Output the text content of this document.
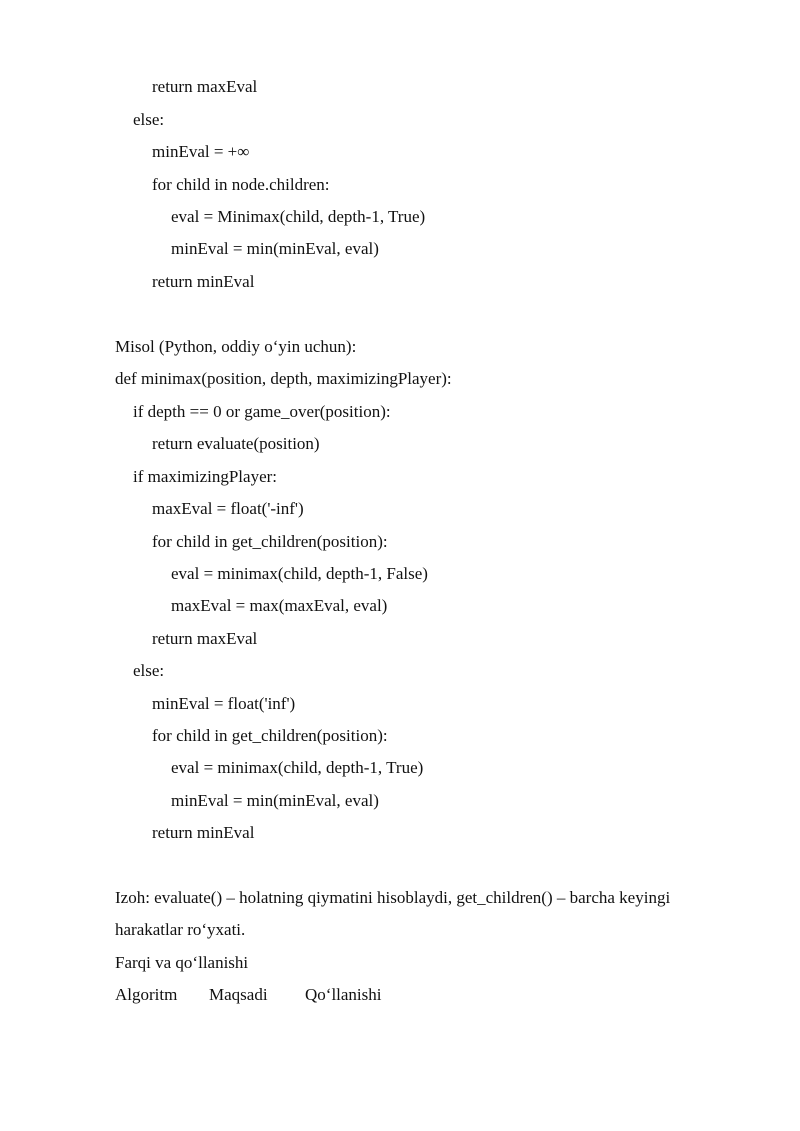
return maxEval
else:
minEval = +∞
for child in node.children:
eval = Minimax(child, depth-1, True)
minEval = min(minEval, eval)
return minEval
Misol (Python, oddiy o‘yin uchun):
def minimax(position, depth, maximizingPlayer):
if depth == 0 or game_over(position):
return evaluate(position)
if maximizingPlayer:
maxEval = float('-inf')
for child in get_children(position):
eval = minimax(child, depth-1, False)
maxEval = max(maxEval, eval)
return maxEval
else:
minEval = float('inf')
for child in get_children(position):
eval = minimax(child, depth-1, True)
minEval = min(minEval, eval)
return minEval
Izoh: evaluate() – holatning qiymatini hisoblaydi, get_children() – barcha keyingi
harakatlar ro‘yxati.
Farqi va qo‘llanishi
Algoritm Maqsadi Qo‘llanishi
